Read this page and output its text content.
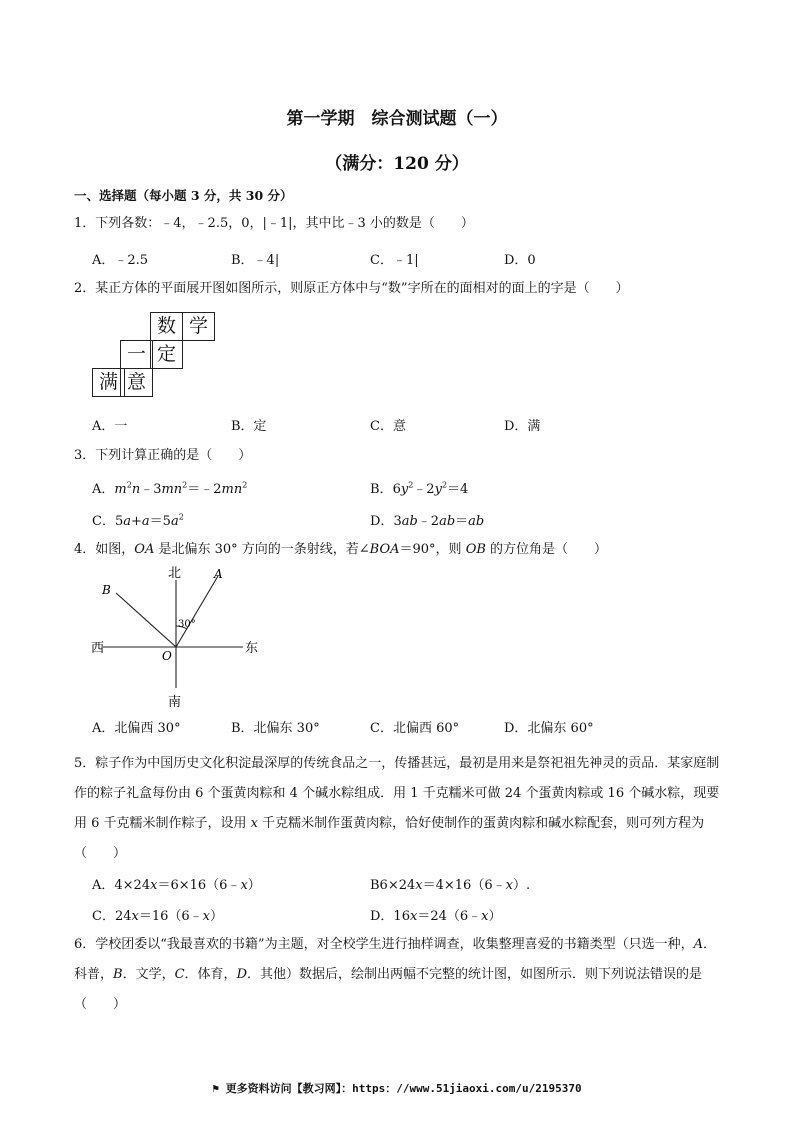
第一学期　综合测试题（一）
（满分：120 分）
一、选择题（每小题 3 分，共 30 分）
1．下列各数：﹣4，﹣2.5，0，|﹣1|，其中比﹣3 小的数是（　　）
A．﹣2.5	B．﹣4|	C．﹣1|	D．0
2．某正方体的平面展开图如图所示，则原正方体中与“数”字所在的面相对的面上的字是（　　）
数 学
一 定
满 意
A．一	B．定	C．意	D．满
3．下列计算正确的是（　　）
A．$m^2n﹣3mn^2=﹣2mn^2$	B．$6y^2﹣2y^2=4$
C．$5a+a=5a^2$	D．3ab﹣2ab＝ab
4．如图，OA 是北偏东 30° 方向的一条射线，若∠BOA＝90°，则 OB 的方位角是（　　）
北
南
西	东
A
B
O
30°
A．北偏西 30°	B．北偏东 30°	C．北偏西 60°	D．北偏东 60°
5．粽子作为中国历史文化积淀最深厚的传统食品之一，传播甚远，最初是用来是祭祀祖先神灵的贡品．某家庭制作的粽子礼盒每份由 6 个蛋黄肉粽和 4 个碱水粽组成．用 1 千克糯米可做 24 个蛋黄肉粽或 16 个碱水粽，现要用 6 千克糯米制作粽子，设用 x 千克糯米制作蛋黄肉粽，恰好使制作的蛋黄肉粽和碱水粽配套，则可列方程为（　　）
A．4×24x＝6×16（6﹣x）	B6×24x＝4×16（6﹣x）.
C．24x＝16（6﹣x）	D．16x＝24（6﹣x）
6．学校团委以“我最喜欢的书籍”为主题，对全校学生进行抽样调查，收集整理喜爱的书籍类型（只选一种，A．科普，B．文学，C．体育，D．其他）数据后，绘制出两幅不完整的统计图，如图所示．则下列说法错误的是（　　）
⚑ 更多资料访问【教习网】：https：//www.51jiaoxi.com/u/2195370
